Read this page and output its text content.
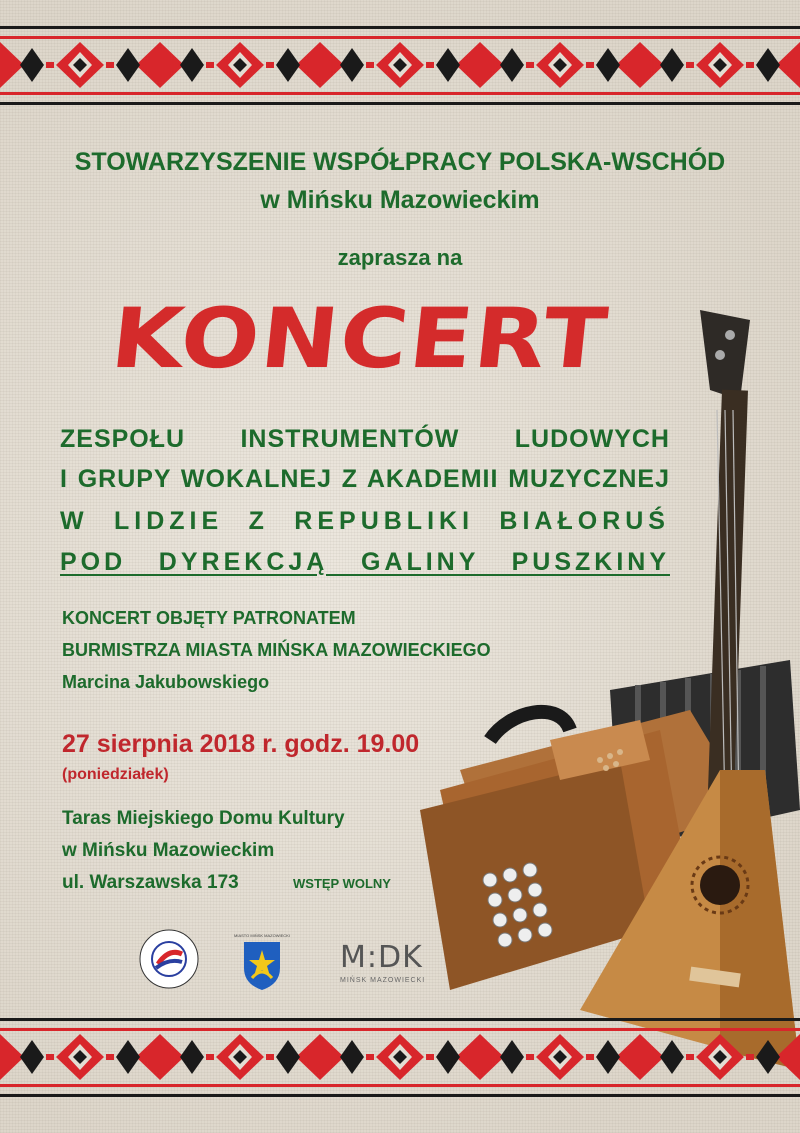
STOWARZYSZENIE WSPÓŁPRACY POLSKA-WSCHÓD

w Mińsku Mazowieckim

zaprasza na

KONCERT

ZESPOŁU INSTRUMENTÓW LUDOWYCH

I GRUPY WOKALNEJ Z AKADEMII MUZYCZNEJ

W LIDZIE Z REPUBLIKI BIAŁORUŚ

POD DYREKCJĄ GALINY PUSZKINY

KONCERT OBJĘTY PATRONATEM

BURMISTRZA MIASTA MIŃSKA MAZOWIECKIEGO

Marcina Jakubowskiego

27 sierpnia 2018 r. godz. 19.00

(poniedziałek)

Taras Miejskiego Domu Kultury

w Mińsku Mazowieckim

ul. Warszawska 173	WSTĘP WOLNY

MIASTO MIŃSK MAZOWIECKI
M:DK
MIŃSK MAZOWIECKI
